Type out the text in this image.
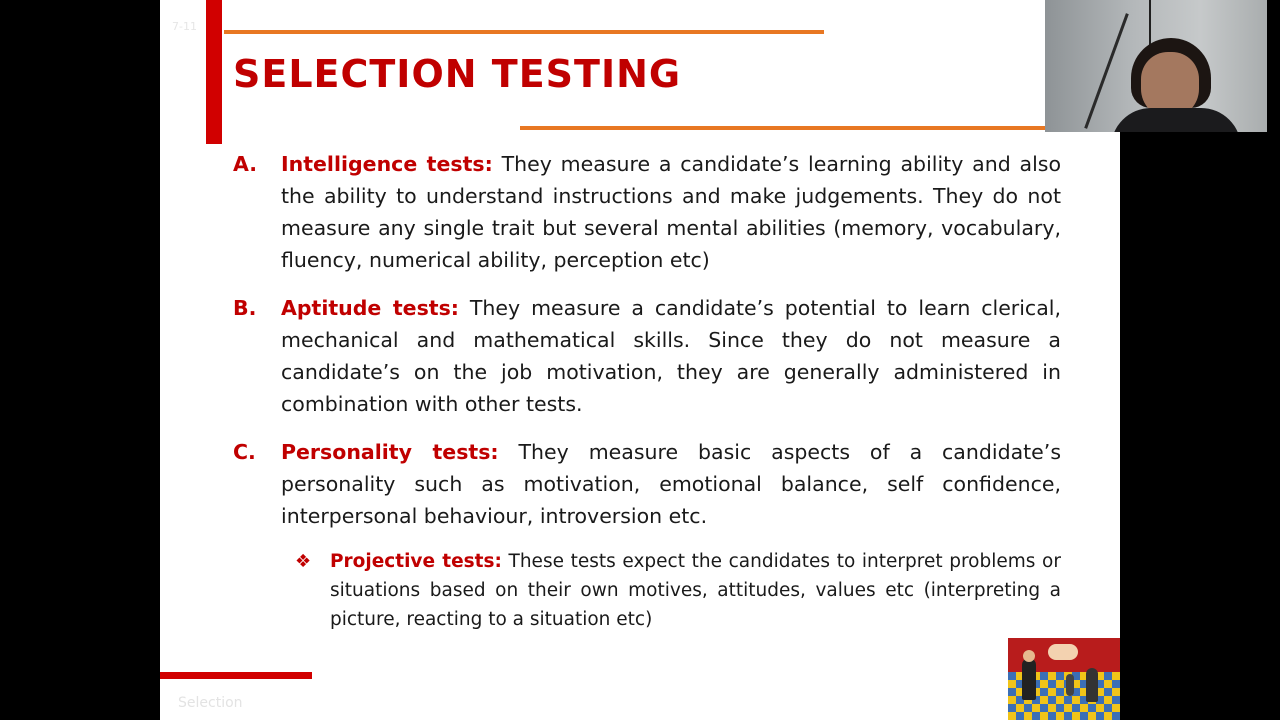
7-11
SELECTION TESTING
A. Intelligence tests: They measure a candidate’s learning ability and also the ability to understand instructions and make judgements. They do not measure any single trait but several mental abilities (memory, vocabulary, fluency, numerical ability, perception etc)
B. Aptitude tests: They measure a candidate’s potential to learn clerical, mechanical and mathematical skills. Since they do not measure a candidate’s on the job motivation, they are generally administered in combination with other tests.
C. Personality tests: They measure basic aspects of a candidate’s personality such as motivation, emotional balance, self confidence, interpersonal behaviour, introversion etc.
❖ Projective tests: These tests expect the candidates to interpret problems or situations based on their own motives, attitudes, values etc (interpreting a picture, reacting to a situation etc)
Selection
